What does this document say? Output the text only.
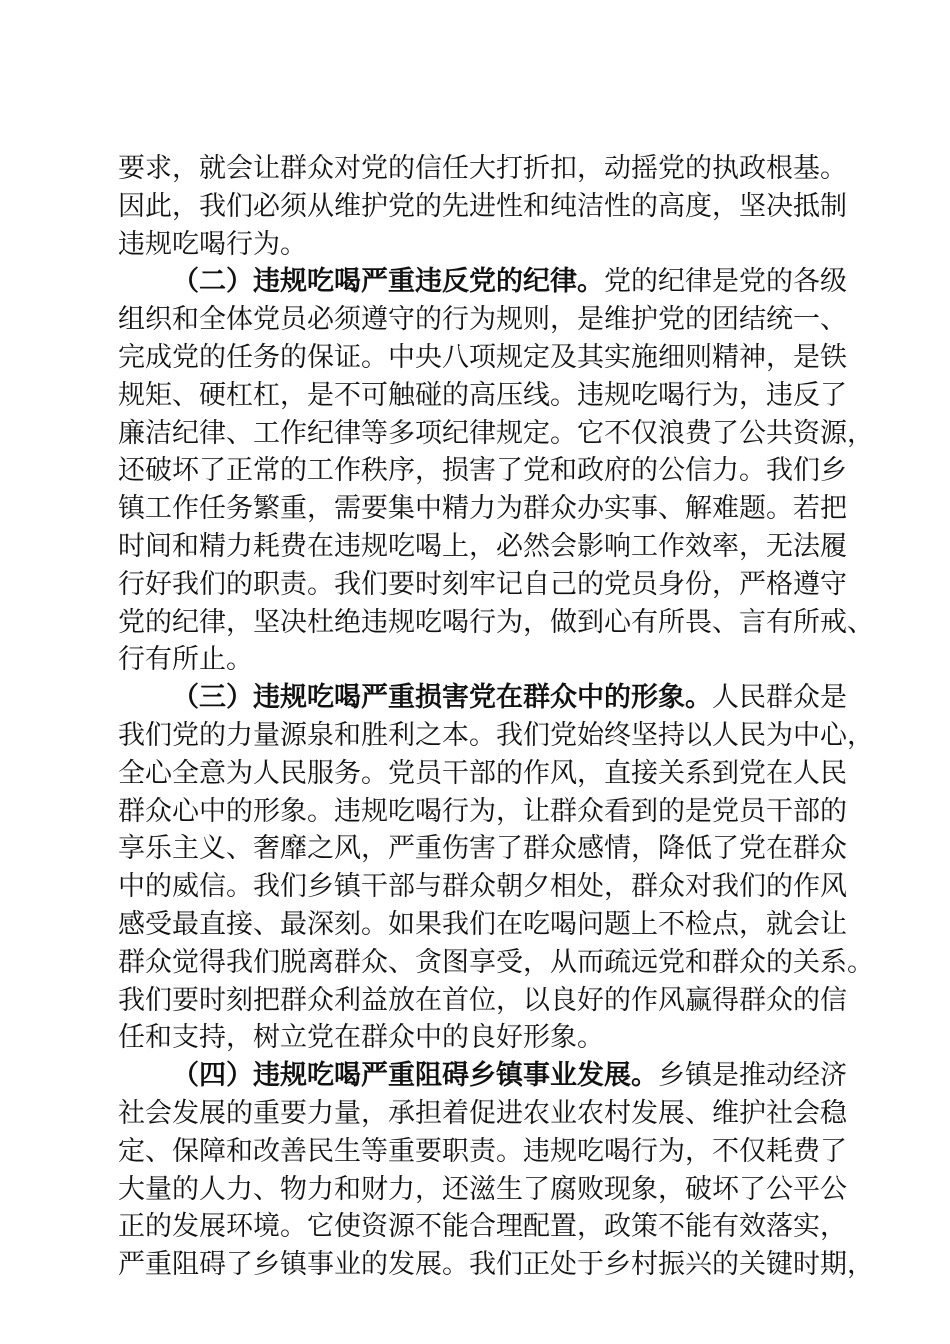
要求，就会让群众对党的信任大打折扣，动摇党的执政根基。
因此，我们必须从维护党的先进性和纯洁性的高度，坚决抵制
违规吃喝行为。
（二）违规吃喝严重违反党的纪律。党的纪律是党的各级
组织和全体党员必须遵守的行为规则，是维护党的团结统一、
完成党的任务的保证。中央八项规定及其实施细则精神，是铁
规矩、硬杠杠，是不可触碰的高压线。违规吃喝行为，违反了
廉洁纪律、工作纪律等多项纪律规定。它不仅浪费了公共资源，
还破坏了正常的工作秩序，损害了党和政府的公信力。我们乡
镇工作任务繁重，需要集中精力为群众办实事、解难题。若把
时间和精力耗费在违规吃喝上，必然会影响工作效率，无法履
行好我们的职责。我们要时刻牢记自己的党员身份，严格遵守
党的纪律，坚决杜绝违规吃喝行为，做到心有所畏、言有所戒、
行有所止。
（三）违规吃喝严重损害党在群众中的形象。人民群众是
我们党的力量源泉和胜利之本。我们党始终坚持以人民为中心，
全心全意为人民服务。党员干部的作风，直接关系到党在人民
群众心中的形象。违规吃喝行为，让群众看到的是党员干部的
享乐主义、奢靡之风，严重伤害了群众感情，降低了党在群众
中的威信。我们乡镇干部与群众朝夕相处，群众对我们的作风
感受最直接、最深刻。如果我们在吃喝问题上不检点，就会让
群众觉得我们脱离群众、贪图享受，从而疏远党和群众的关系。
我们要时刻把群众利益放在首位，以良好的作风赢得群众的信
任和支持，树立党在群众中的良好形象。
（四）违规吃喝严重阻碍乡镇事业发展。乡镇是推动经济
社会发展的重要力量，承担着促进农业农村发展、维护社会稳
定、保障和改善民生等重要职责。违规吃喝行为，不仅耗费了
大量的人力、物力和财力，还滋生了腐败现象，破坏了公平公
正的发展环境。它使资源不能合理配置，政策不能有效落实，
严重阻碍了乡镇事业的发展。我们正处于乡村振兴的关键时期，
